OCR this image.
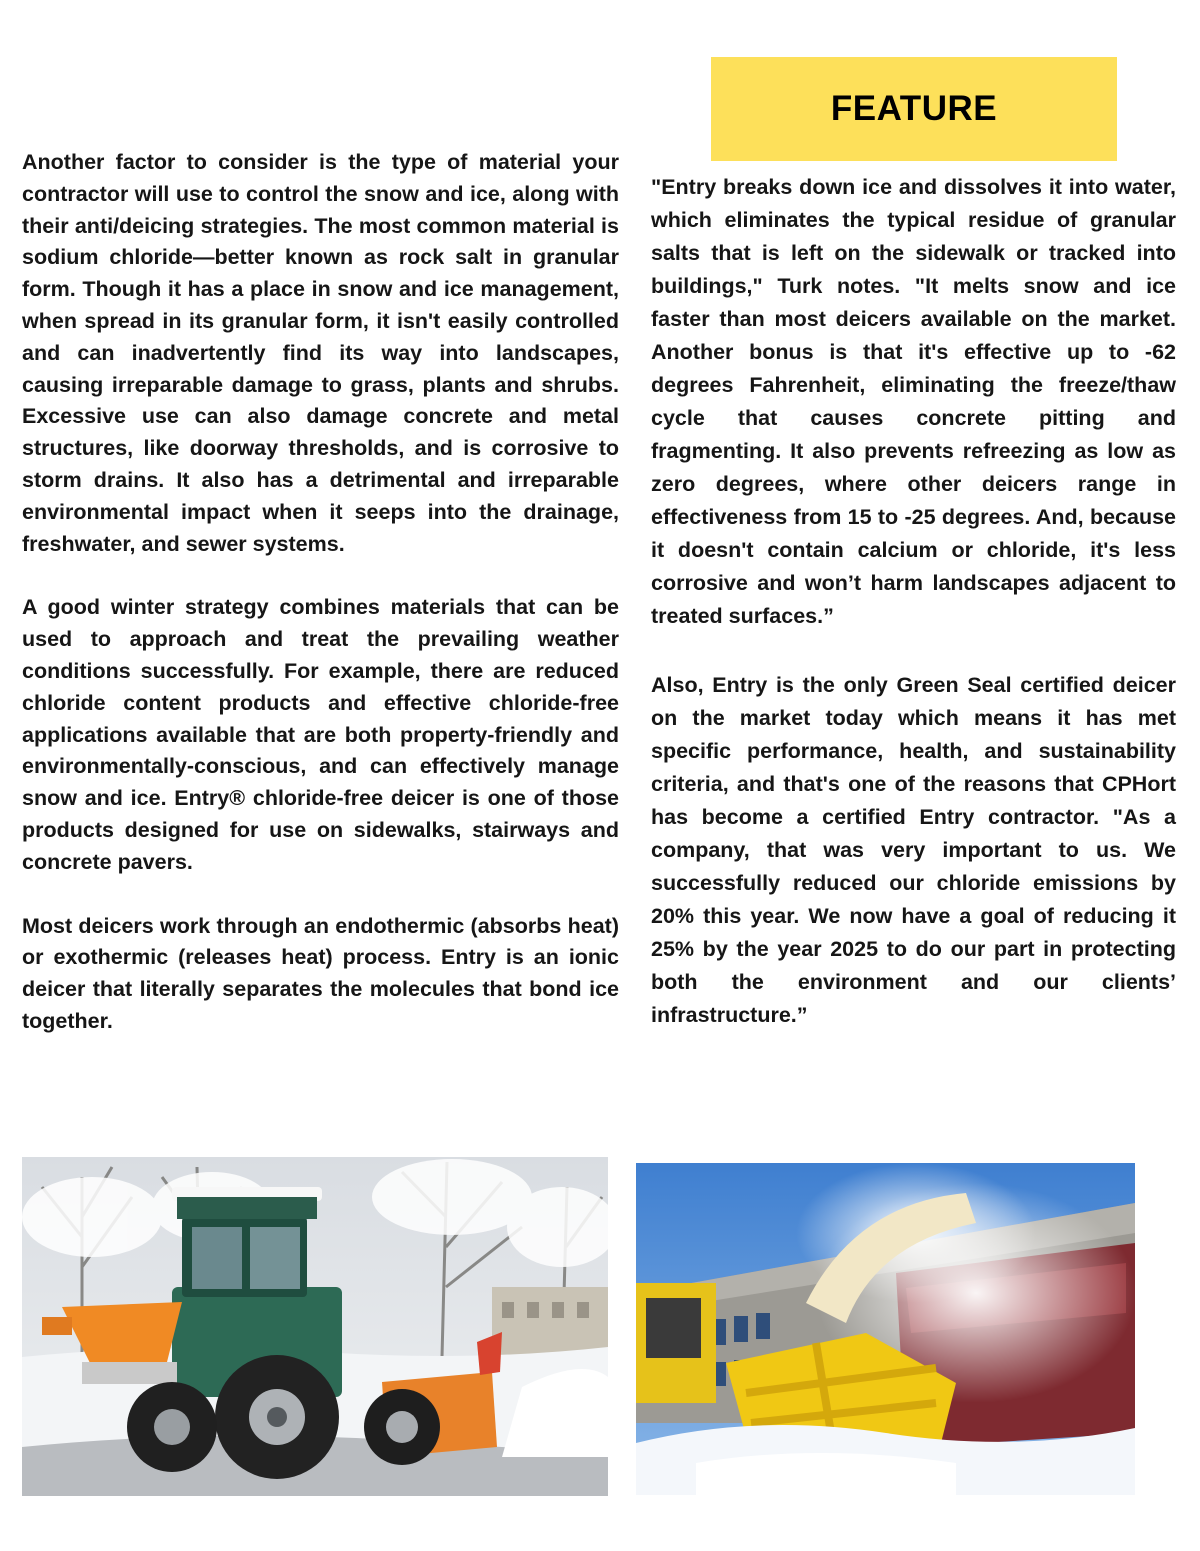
FEATURE

Another factor to consider is the type of material your contractor will use to control the snow and ice, along with their anti/deicing strategies. The most common material is sodium chloride—better known as rock salt in granular form. Though it has a place in snow and ice management, when spread in its granular form, it isn't easily controlled and can inadvertently find its way into landscapes, causing irreparable damage to grass, plants and shrubs. Excessive use can also damage concrete and metal structures, like doorway thresholds, and is corrosive to storm drains. It also has a detrimental and irreparable environmental impact when it seeps into the drainage, freshwater, and sewer systems.

A good winter strategy combines materials that can be used to approach and treat the prevailing weather conditions successfully. For example, there are reduced chloride content products and effective chloride-free applications available that are both property-friendly and environmentally-conscious, and can effectively manage snow and ice. Entry® chloride-free deicer is one of those products designed for use on sidewalks, stairways and concrete pavers.

Most deicers work through an endothermic (absorbs heat) or exothermic (releases heat) process. Entry is an ionic deicer that literally separates the molecules that bond ice together.

"Entry breaks down ice and dissolves it into water, which eliminates the typical residue of granular salts that is left on the sidewalk or tracked into buildings," Turk notes. "It melts snow and ice faster than most deicers available on the market. Another bonus is that it's effective up to -62 degrees Fahrenheit, eliminating the freeze/thaw cycle that causes concrete pitting and fragmenting. It also prevents refreezing as low as zero degrees, where other deicers range in effectiveness from 15 to -25 degrees. And, because it doesn't contain calcium or chloride, it's less corrosive and won’t harm landscapes adjacent to treated surfaces.”

Also, Entry is the only Green Seal certified deicer on the market today which means it has met specific performance, health, and sustainability criteria, and that's one of the reasons that CPHort has become a certified Entry contractor. "As a company, that was very important to us. We successfully reduced our chloride emissions by 20% this year. We now have a goal of reducing it 25% by the year 2025 to do our part in protecting both the environment and our clients’ infrastructure.”
